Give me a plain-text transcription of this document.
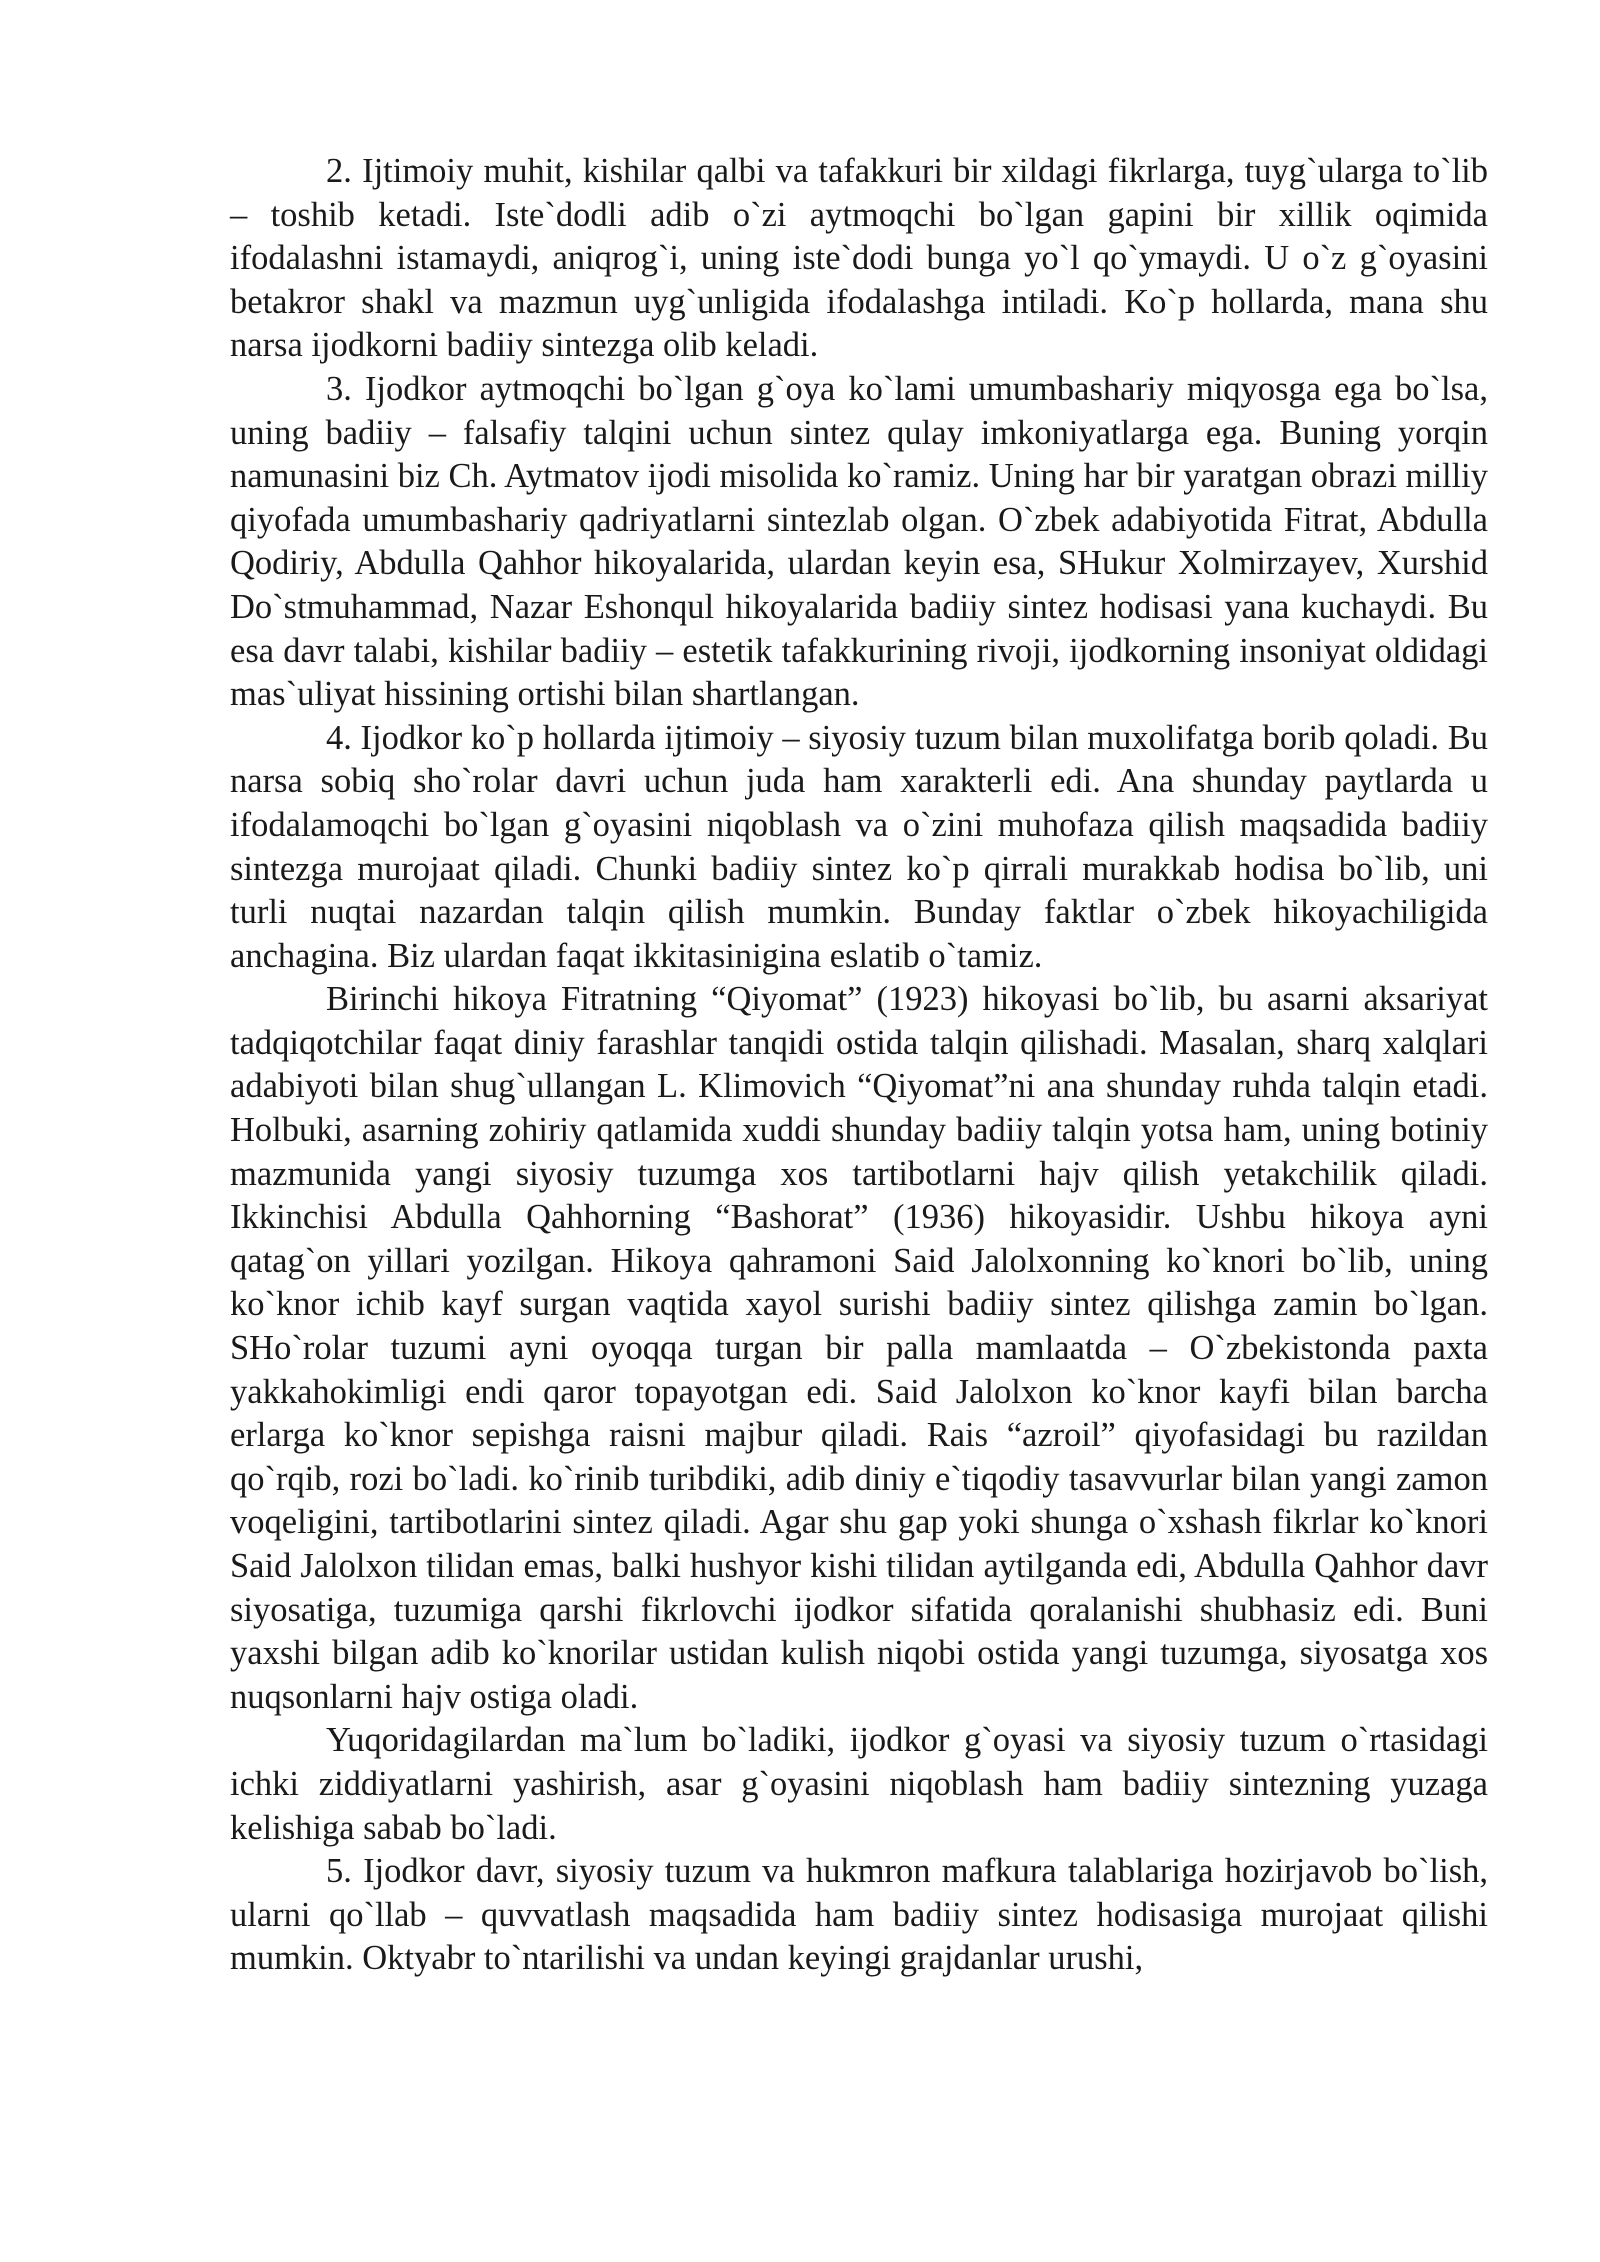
2. Ijtimoiy muhit, kishilar qalbi va tafakkuri bir xildagi fikrlarga, tuyg`ularga to`lib – toshib ketadi. Iste`dodli adib o`zi aytmoqchi bo`lgan gapini bir xillik oqimida ifodalashni istamaydi, aniqrog`i, uning iste`dodi bunga yo`l qo`ymaydi. U o`z g`oyasini betakror shakl va mazmun uyg`unligida ifodalashga intiladi. Ko`p hollarda, mana shu narsa ijodkorni badiiy sintezga olib keladi.

3. Ijodkor aytmoqchi bo`lgan g`oya ko`lami umumbashariy miqyosga ega bo`lsa, uning badiiy – falsafiy talqini uchun sintez qulay imkoniyatlarga ega. Buning yorqin namunasini biz Ch. Aytmatov ijodi misolida ko`ramiz. Uning har bir yaratgan obrazi milliy qiyofada umumbashariy qadriyatlarni sintezlab olgan. O`zbek adabiyotida Fitrat, Abdulla Qodiriy, Abdulla Qahhor hikoyalarida, ulardan keyin esa, SHukur Xolmirzayev, Xurshid Do`stmuhammad, Nazar Eshonqul hikoyalarida badiiy sintez hodisasi yana kuchaydi. Bu esa davr talabi, kishilar badiiy – estetik tafakkurining rivoji, ijodkorning insoniyat oldidagi mas`uliyat hissining ortishi bilan shartlangan.

4. Ijodkor ko`p hollarda ijtimoiy – siyosiy tuzum bilan muxolifatga borib qoladi. Bu narsa sobiq sho`rolar davri uchun juda ham xarakterli edi. Ana shunday paytlarda u ifodalamoqchi bo`lgan g`oyasini niqoblash va o`zini muhofaza qilish maqsadida badiiy sintezga murojaat qiladi. Chunki badiiy sintez ko`p qirrali murakkab hodisa bo`lib, uni turli nuqtai nazardan talqin qilish mumkin. Bunday faktlar o`zbek hikoyachiligida anchagina. Biz ulardan faqat ikkitasinigina eslatib o`tamiz.

Birinchi hikoya Fitratning “Qiyomat” (1923) hikoyasi bo`lib, bu asarni aksariyat tadqiqotchilar faqat diniy farashlar tanqidi ostida talqin qilishadi. Masalan, sharq xalqlari adabiyoti bilan shug`ullangan L. Klimovich “Qiyomat”ni ana shunday ruhda talqin etadi. Holbuki, asarning zohiriy qatlamida xuddi shunday badiiy talqin yotsa ham, uning botiniy mazmunida yangi siyosiy tuzumga xos tartibotlarni hajv qilish yetakchilik qiladi. Ikkinchisi Abdulla Qahhorning “Bashorat” (1936) hikoyasidir. Ushbu hikoya ayni qatag`on yillari yozilgan. Hikoya qahramoni Said Jalolxonning ko`knori bo`lib, uning ko`knor ichib kayf surgan vaqtida xayol surishi badiiy sintez qilishga zamin bo`lgan. SHo`rolar tuzumi ayni oyoqqa turgan bir palla mamlaatda – O`zbekistonda paxta yakkahokimligi endi qaror topayotgan edi. Said Jalolxon ko`knor kayfi bilan barcha erlarga ko`knor sepishga raisni majbur qiladi. Rais “azroil” qiyofasidagi bu razildan qo`rqib, rozi bo`ladi. ko`rinib turibdiki, adib diniy e`tiqodiy tasavvurlar bilan yangi zamon voqeligini, tartibotlarini sintez qiladi. Agar shu gap yoki shunga o`xshash fikrlar ko`knori Said Jalolxon tilidan emas, balki hushyor kishi tilidan aytilganda edi, Abdulla Qahhor davr siyosatiga, tuzumiga qarshi fikrlovchi ijodkor sifatida qoralanishi shubhasiz edi. Buni yaxshi bilgan adib ko`knorilar ustidan kulish niqobi ostida yangi tuzumga, siyosatga xos nuqsonlarni hajv ostiga oladi.

Yuqoridagilardan ma`lum bo`ladiki, ijodkor g`oyasi va siyosiy tuzum o`rtasidagi ichki ziddiyatlarni yashirish, asar g`oyasini niqoblash ham badiiy sintezning yuzaga kelishiga sabab bo`ladi.

5. Ijodkor davr, siyosiy tuzum va hukmron mafkura talablariga hozirjavob bo`lish, ularni qo`llab – quvvatlash maqsadida ham badiiy sintez hodisasiga murojaat qilishi mumkin. Oktyabr to`ntarilishi va undan keyingi grajdanlar urushi,
